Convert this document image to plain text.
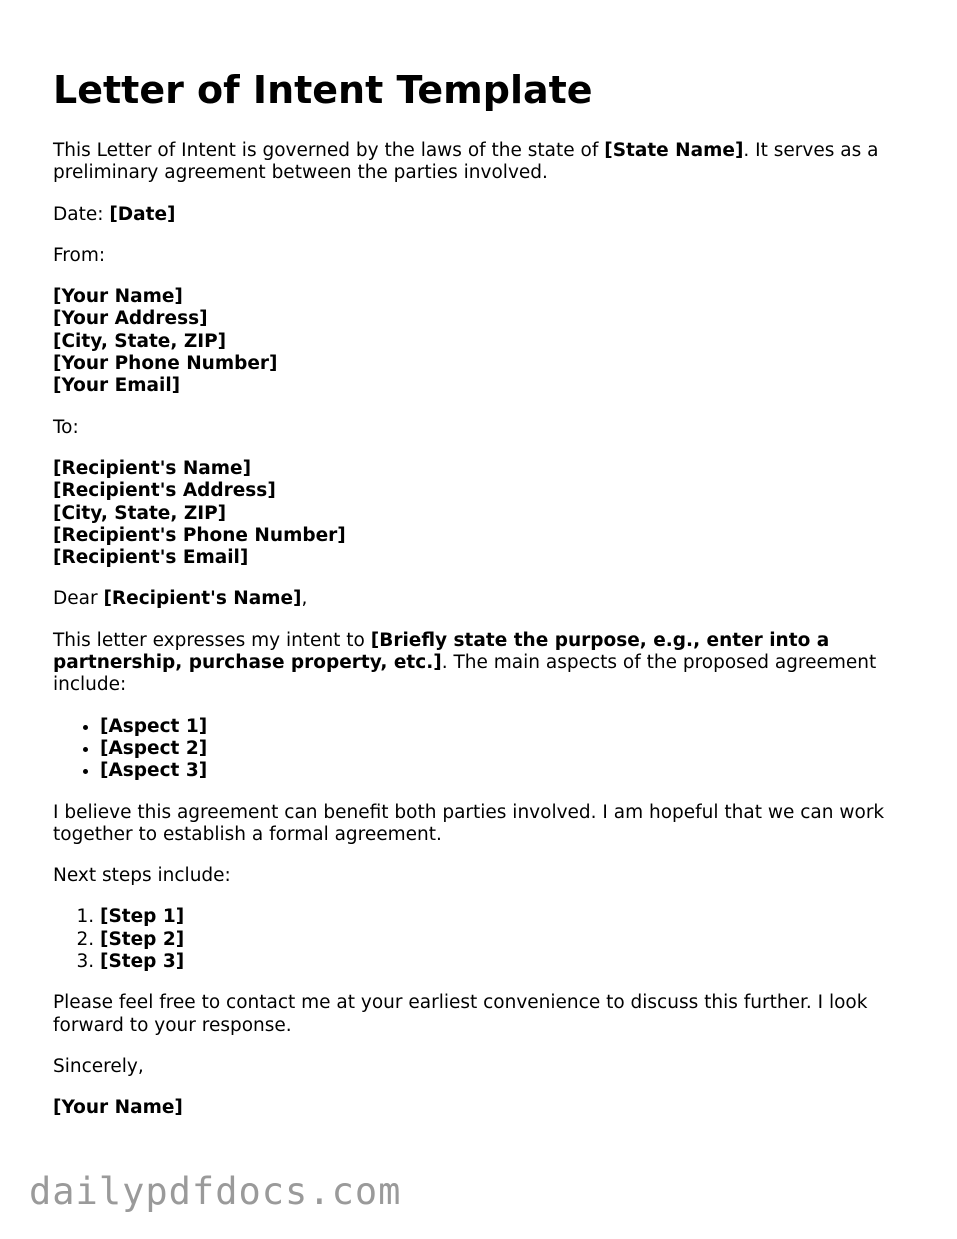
Letter of Intent Template

This Letter of Intent is governed by the laws of the state of [State Name]. It serves as a preliminary agreement between the parties involved.

Date: [Date]

From:

[Your Name]
[Your Address]
[City, State, ZIP]
[Your Phone Number]
[Your Email]

To:

[Recipient's Name]
[Recipient's Address]
[City, State, ZIP]
[Recipient's Phone Number]
[Recipient's Email]

Dear [Recipient's Name],

This letter expresses my intent to [Briefly state the purpose, e.g., enter into a partnership, purchase property, etc.]. The main aspects of the proposed agreement include:

• [Aspect 1]
• [Aspect 2]
• [Aspect 3]

I believe this agreement can benefit both parties involved. I am hopeful that we can work together to establish a formal agreement.

Next steps include:

1. [Step 1]
2. [Step 2]
3. [Step 3]

Please feel free to contact me at your earliest convenience to discuss this further. I look forward to your response.

Sincerely,

[Your Name]

dailypdfdocs.com
